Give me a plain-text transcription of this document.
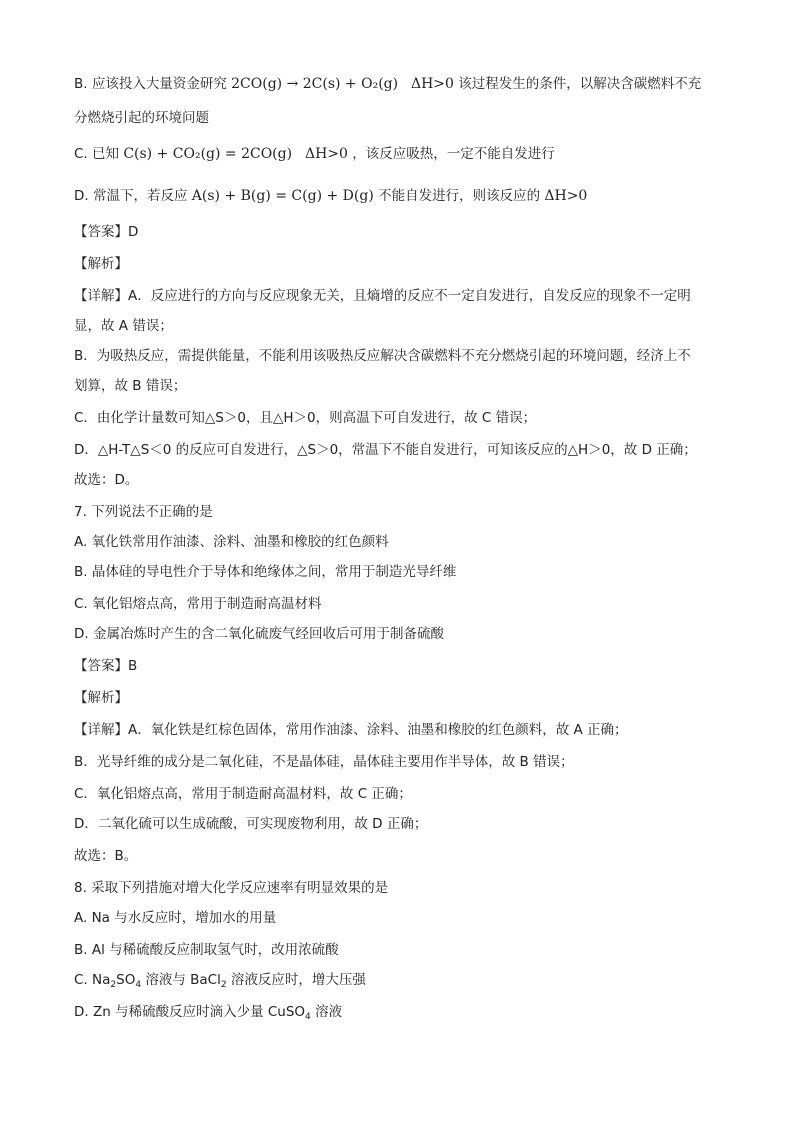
B. 应该投入大量资金研究 2CO(g) → 2C(s) + O₂(g) ΔH>0 该过程发生的条件，以解决含碳燃料不充

分燃烧引起的环境问题

C. 已知 C(s) + CO₂(g) = 2CO(g) ΔH>0 ，该反应吸热，一定不能自发进行

D. 常温下，若反应 A(s) + B(g) = C(g) + D(g) 不能自发进行，则该反应的 ΔH>0

【答案】D

【解析】

【详解】A．反应进行的方向与反应现象无关，且熵增的反应不一定自发进行，自发反应的现象不一定明

显，故 A 错误；

B．为吸热反应，需提供能量，不能利用该吸热反应解决含碳燃料不充分燃烧引起的环境问题，经济上不

划算，故 B 错误；

C．由化学计量数可知△S＞0，且△H＞0，则高温下可自发进行，故 C 错误；

D．△H-T△S＜0 的反应可自发进行，△S＞0，常温下不能自发进行，可知该反应的△H＞0，故 D 正确；

故选：D。

7. 下列说法不正确的是

A. 氧化铁常用作油漆、涂料、油墨和橡胶的红色颜料

B. 晶体硅的导电性介于导体和绝缘体之间，常用于制造光导纤维

C. 氧化铝熔点高，常用于制造耐高温材料

D. 金属冶炼时产生的含二氧化硫废气经回收后可用于制备硫酸

【答案】B

【解析】

【详解】A．氧化铁是红棕色固体，常用作油漆、涂料、油墨和橡胶的红色颜料，故 A 正确；

B．光导纤维的成分是二氧化硅，不是晶体硅，晶体硅主要用作半导体，故 B 错误；

C．氧化铝熔点高，常用于制造耐高温材料，故 C 正确；

D．二氧化硫可以生成硫酸，可实现废物利用，故 D 正确；

故选：B。

8. 采取下列措施对增大化学反应速率有明显效果的是

A. Na 与水反应时，增加水的用量

B. Al 与稀硫酸反应制取氢气时，改用浓硫酸

C. $Na_2SO_4$ 溶液与 BaCl$_2$ 溶液反应时，增大压强

D. Zn 与稀硫酸反应时滴入少量 CuSO$_4$ 溶液
